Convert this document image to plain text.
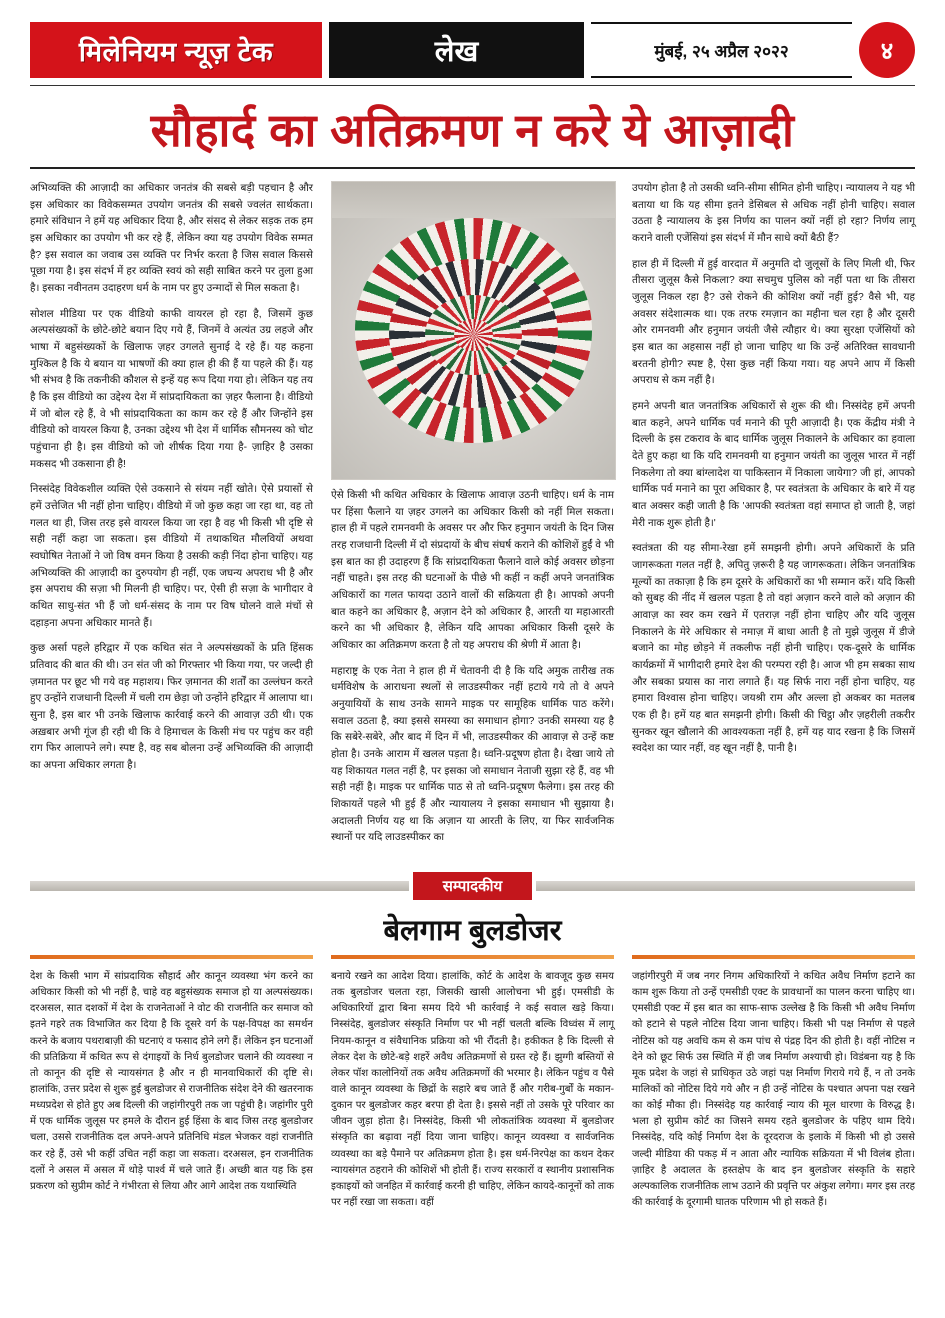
मिलेनियम न्यूज़ टेक	लेख	मुंबई, २५ अप्रैल २०२२	४
सौहार्द का अतिक्रमण न करे ये आज़ादी

अभिव्यक्ति की आज़ादी का अधिकार जनतंत्र की सबसे बड़ी पहचान है और इस अधिकार का विवेकसम्मत उपयोग जनतंत्र की सबसे ज्वलंत सार्थकता। हमारे संविधान ने हमें यह अधिकार दिया है, और संसद से लेकर सड़क तक हम इस अधिकार का उपयोग भी कर रहे हैं, लेकिन क्या यह उपयोग विवेक सम्मत है? इस सवाल का जवाब उस व्यक्ति पर निर्भर करता है जिस सवाल किससे पूछा गया है। इस संदर्भ में हर व्यक्ति स्वयं को सही साबित करने पर तुला हुआ है। इसका नवीनतम उदाहरण धर्म के नाम पर हुए उन्मादों से मिल सकता है।

सोशल मीडिया पर एक वीडियो काफी वायरल हो रहा है, जिसमें कुछ अल्पसंख्यकों के छोटे-छोटे बयान दिए गये हैं, जिनमें वे अत्यंत उग्र लहजे और भाषा में बहुसंख्यकों के खिलाफ ज़हर उगलते सुनाई दे रहे हैं। यह कहना मुश्किल है कि ये बयान या भाषणों की क्या हाल ही की हैं या पहले की हैं। यह भी संभव है कि तकनीकी कौशल से इन्हें यह रूप दिया गया हो। लेकिन यह तय है कि इस वीडियो का उद्देश्य देश में सांप्रदायिकता का ज़हर फैलाना है। वीडियो में जो बोल रहे हैं, वे भी सांप्रदायिकता का काम कर रहे हैं और जिन्होंने इस वीडियो को वायरल किया है, उनका उद्देश्य भी देश में धार्मिक सौमनस्य को चोट पहुंचाना ही है। इस वीडियो को जो शीर्षक दिया गया है- ज़ाहिर है उसका मकसद भी उकसाना ही है!

निस्संदेह विवेकशील व्यक्ति ऐसे उकसाने से संयम नहीं खोते। ऐसे प्रयासों से हमें उत्तेजित भी नहीं होना चाहिए। वीडियो में जो कुछ कहा जा रहा था, वह तो गलत था ही, जिस तरह इसे वायरल किया जा रहा है वह भी किसी भी दृष्टि से सही नहीं कहा जा सकता। इस वीडियो में तथाकथित मौलवियों अथवा स्वघोषित नेताओं ने जो विष वमन किया है उसकी कड़ी निंदा होना चाहिए। यह अभिव्यक्ति की आज़ादी का दुरुपयोग ही नहीं, एक जघन्य अपराध भी है और इस अपराध की सज़ा भी मिलनी ही चाहिए। पर, ऐसी ही सज़ा के भागीदार वे कथित साधु-संत भी हैं जो धर्म-संसद के नाम पर विष घोलने वाले मंचों से दहाड़ना अपना अधिकार मानते हैं।

कुछ अर्सा पहले हरिद्वार में एक कथित संत ने अल्पसंख्यकों के प्रति हिंसक प्रतिवाद की बात की थी। उन संत जी को गिरफ्तार भी किया गया, पर जल्दी ही ज़मानत पर छूट भी गये वह महाशय। फिर ज़मानत की शर्तों का उल्लंघन करते हुए उन्होंने राजधानी दिल्ली में चली राम छेड़ा जो उन्होंने हरिद्वार में आलापा था। सुना है, इस बार भी उनके खिलाफ कार्रवाई करने की आवाज़ उठी थी। एक अख़बार अभी गूंज ही रही थी कि वे हिमाचल के किसी मंच पर पहुंच कर वही राग फिर आलापने लगे। स्पष्ट है, वह सब बोलना उन्हें अभिव्यक्ति की आज़ादी का अपना अधिकार लगता है।

ऐसे किसी भी कथित अधिकार के खिलाफ आवाज़ उठनी चाहिए। धर्म के नाम पर हिंसा फैलाने या ज़हर उगलने का अधिकार किसी को नहीं मिल सकता। हाल ही में पहले रामनवमी के अवसर पर और फिर हनुमान जयंती के दिन जिस तरह राजधानी दिल्ली में दो संप्रदायों के बीच संघर्ष कराने की कोशिशें हुईं वे भी इस बात का ही उदाहरण हैं कि सांप्रदायिकता फैलाने वाले कोई अवसर छोड़ना नहीं चाहते। इस तरह की घटनाओं के पीछे भी कहीं न कहीं अपने जनतांत्रिक अधिकारों का गलत फायदा उठाने वालों की सक्रियता ही है। आपको अपनी बात कहने का अधिकार है, अज़ान देने को अधिकार है, आरती या महाआरती करने का भी अधिकार है, लेकिन यदि आपका अधिकार किसी दूसरे के अधिकार का अतिक्रमण करता है तो यह अपराध की श्रेणी में आता है।

महाराष्ट्र के एक नेता ने हाल ही में चेतावनी दी है कि यदि अमुक तारीख तक धर्मविशेष के आराधना स्थलों से लाउडस्पीकर नहीं हटाये गये तो वे अपने अनुयायियों के साथ उनके सामने माइक पर सामूहिक धार्मिक पाठ करेंगे। सवाल उठता है, क्या इससे समस्या का समाधान होगा? उनकी समस्या यह है कि सबेरे-सबेरे, और बाद में दिन में भी, लाउडस्पीकर की आवाज़ से उन्हें कष्ट होता है। उनके आराम में खलल पड़ता है। ध्वनि-प्रदूषण होता है। देखा जाये तो यह शिकायत गलत नहीं है, पर इसका जो समाधान नेताजी सुझा रहे हैं, वह भी सही नहीं है। माइक पर धार्मिक पाठ से तो ध्वनि-प्रदूषण फैलेगा। इस तरह की शिकायतें पहले भी हुई हैं और न्यायालय ने इसका समाधान भी सुझाया है। अदालती निर्णय यह था कि अज़ान या आरती के लिए, या फिर सार्वजनिक स्थानों पर यदि लाउडस्पीकर का

उपयोग होता है तो उसकी ध्वनि-सीमा सीमित होनी चाहिए। न्यायालय ने यह भी बताया था कि यह सीमा इतने डेसिबल से अधिक नहीं होनी चाहिए। सवाल उठता है न्यायालय के इस निर्णय का पालन क्यों नहीं हो रहा? निर्णय लागू कराने वाली एजेंसियां इस संदर्भ में मौन साधे क्यों बैठी हैं?

हाल ही में दिल्ली में हुई वारदात में अनुमति दो जुलूसों के लिए मिली थी, फिर तीसरा जुलूस कैसे निकला? क्या सचमुच पुलिस को नहीं पता था कि तीसरा जुलूस निकल रहा है? उसे रोकने की कोशिश क्यों नहीं हुई? वैसे भी, यह अवसर संदेशात्मक था। एक तरफ रमज़ान का महीना चल रहा है और दूसरी ओर रामनवमी और हनुमान जयंती जैसे त्यौहार थे। क्या सुरक्षा एजेंसियों को इस बात का अहसास नहीं हो जाना चाहिए था कि उन्हें अतिरिक्त सावधानी बरतनी होगी? स्पष्ट है, ऐसा कुछ नहीं किया गया। यह अपने आप में किसी अपराध से कम नहीं है।

हमने अपनी बात जनतांत्रिक अधिकारों से शुरू की थी। निस्संदेह हमें अपनी बात कहने, अपने धार्मिक पर्व मनाने की पूरी आज़ादी है। एक केंद्रीय मंत्री ने दिल्ली के इस टकराव के बाद धार्मिक जुलूस निकालने के अधिकार का हवाला देते हुए कहा था कि यदि रामनवमी या हनुमान जयंती का जुलूस भारत में नहीं निकलेगा तो क्या बांग्लादेश या पाकिस्तान में निकाला जायेगा? जी हां, आपको धार्मिक पर्व मनाने का पूरा अधिकार है, पर स्वतंत्रता के अधिकार के बारे में यह बात अक्सर कही जाती है कि 'आपकी स्वतंत्रता वहां समाप्त हो जाती है, जहां मेरी नाक शुरू होती है।'

स्वतंत्रता की यह सीमा-रेखा हमें समझनी होगी। अपने अधिकारों के प्रति जागरूकता गलत नहीं है, अपितु ज़रूरी है यह जागरूकता। लेकिन जनतांत्रिक मूल्यों का तकाज़ा है कि हम दूसरे के अधिकारों का भी सम्मान करें। यदि किसी को सुबह की नींद में खलल पड़ता है तो वहां अज़ान करने वाले को अज़ान की आवाज़ का स्वर कम रखने में एतराज़ नहीं होना चाहिए और यदि जुलूस निकालने के मेरे अधिकार से नमाज़ में बाधा आती है तो मुझे जुलूस में डीजे बजाने का मोह छोड़ने में तकलीफ नहीं होनी चाहिए। एक-दूसरे के धार्मिक कार्यक्रमों में भागीदारी हमारे देश की परम्परा रही है। आज भी हम सबका साथ और सबका प्रयास का नारा लगाते हैं। यह सिर्फ नारा नहीं होना चाहिए, यह हमारा विश्वास होना चाहिए। जयश्री राम और अल्ला हो अकबर का मतलब एक ही है। हमें यह बात समझनी होगी। किसी की चिट्ठा और ज़हरीली तकरीर सुनकर खून खौलाने की आवश्यकता नहीं है, हमें यह याद रखना है कि जिसमें स्वदेश का प्यार नहीं, वह खून नहीं है, पानी है।

सम्पादकीय
बेलगाम बुलडोजर

देश के किसी भाग में सांप्रदायिक सौहार्द और कानून व्यवस्था भंग करने का अधिकार किसी को भी नहीं है, चाहे वह बहुसंख्यक समाज हो या अल्पसंख्यक। दरअसल, सात दशकों में देश के राजनेताओं ने वोट की राजनीति कर समाज को इतने गहरे तक विभाजित कर दिया है कि दूसरे वर्ग के पक्ष-विपक्ष का समर्थन करने के बजाय पथराबाज़ी की घटनाएं व फसाद होने लगे हैं। लेकिन इन घटनाओं की प्रतिक्रिया में कथित रूप से दंगाइयों के निर्ध बुलडोजर चलाने की व्यवस्था न तो कानून की दृष्टि से न्यायसंगत है और न ही मानवाधिकारों की दृष्टि से। हालांकि, उत्तर प्रदेश से शुरू हुई बुलडोजर से राजनीतिक संदेश देने की खतरनाक मध्यप्रदेश से होते हुए अब दिल्ली की जहांगीरपुरी तक जा पहुंची है। जहांगीर पुरी में एक धार्मिक जुलूस पर हमले के दौरान हुई हिंसा के बाद जिस तरह बुलडोजर चला, उससे राजनीतिक दल अपने-अपने प्रतिनिधि मंडल भेजकर वहां राजनीति कर रहे हैं, उसे भी कहीं उचित नहीं कहा जा सकता। दरअसल, इन राजनीतिक दलों ने असल में असल में थोड़े पार्श्व में चले जाते हैं। अच्छी बात यह कि इस प्रकरण को सुप्रीम कोर्ट ने गंभीरता से लिया और आगे आदेश तक यथास्थिति

बनाये रखने का आदेश दिया। हालांकि, कोर्ट के आदेश के बावजूद कुछ समय तक बुलडोजर चलता रहा, जिसकी खासी आलोचना भी हुई। एमसीडी के अधिकारियों द्वारा बिना समय दिये भी कार्रवाई ने कई सवाल खड़े किया। निस्संदेह, बुलडोजर संस्कृति निर्माण पर भी नहीं चलती बल्कि विध्वंस में लागू नियम-कानून व संवैधानिक प्रक्रिया को भी रौंदती है। हकीकत है कि दिल्ली से लेकर देश के छोटे-बड़े शहरें अवैध अतिक्रमणों से ग्रस्त रहे हैं। झुग्गी बस्तियों से लेकर पॉश कालोनियों तक अवैध अतिक्रमणों की भरमार है। लेकिन पहुंच व पैसे वाले कानून व्यवस्था के छिद्रों के सहारे बच जाते हैं और गरीब-गुर्बों के मकान-दुकान पर बुलडोजर कहर बरपा ही देता है। इससे नहीं तो उसके पूरे परिवार का जीवन जुड़ा होता है। निस्संदेह, किसी भी लोकतांत्रिक व्यवस्था में बुलडोजर संस्कृति का बढ़ावा नहीं दिया जाना चाहिए। कानून व्यवस्था व सार्वजनिक व्यवस्था का बड़े पैमाने पर अतिक्रमण होता है। इस धर्म-निरपेक्ष का कथन देकर न्यायसंगत ठहराने की कोशिशें भी होती हैं। राज्य सरकारों व स्थानीय प्रशासनिक इकाइयों को जनहित में कार्रवाई करनी ही चाहिए, लेकिन कायदे-कानूनों को ताक पर नहीं रखा जा सकता। वहीं

जहांगीरपुरी में जब नगर निगम अधिकारियों ने कथित अवैध निर्माण हटाने का काम शुरू किया तो उन्हें एमसीडी एक्ट के प्रावधानों का पालन करना चाहिए था। एमसीडी एक्ट में इस बात का साफ-साफ उल्लेख है कि किसी भी अवैध निर्माण को हटाने से पहले नोटिस दिया जाना चाहिए। किसी भी पक्ष निर्माण से पहले नोटिस को यह अवधि कम से कम पांच से पंद्रह दिन की होती है। वहीं नोटिस न देने को छूट सिर्फ उस स्थिति में ही जब निर्माण अश्याची हो। विडंबना यह है कि मूक प्रदेश के जहां से प्राधिकृत उठे जहां पक्ष निर्माण गिराये गये हैं, न तो उनके मालिकों को नोटिस दिये गये और न ही उन्हें नोटिस के पश्चात अपना पक्ष रखने का कोई मौका ही। निस्संदेह यह कार्रवाई न्याय की मूल धारणा के विरुद्ध है। भला हो सुप्रीम कोर्ट का जिसने समय रहते बुलडोजर के पहिए थाम दिये। निस्संदेह, यदि कोई निर्माण देश के दूरदराज के इलाके में किसी भी हो उससे जल्दी मीडिया की पकड़ में न आता और न्यायिक सक्रियता में भी विलंब होता। ज़ाहिर है अदालत के हस्तक्षेप के बाद इन बुलडोजर संस्कृति के सहारे अल्पकालिक राजनीतिक लाभ उठाने की प्रवृत्ति पर अंकुश लगेगा। मगर इस तरह की कार्रवाई के दूरगामी घातक परिणाम भी हो सकते हैं।
